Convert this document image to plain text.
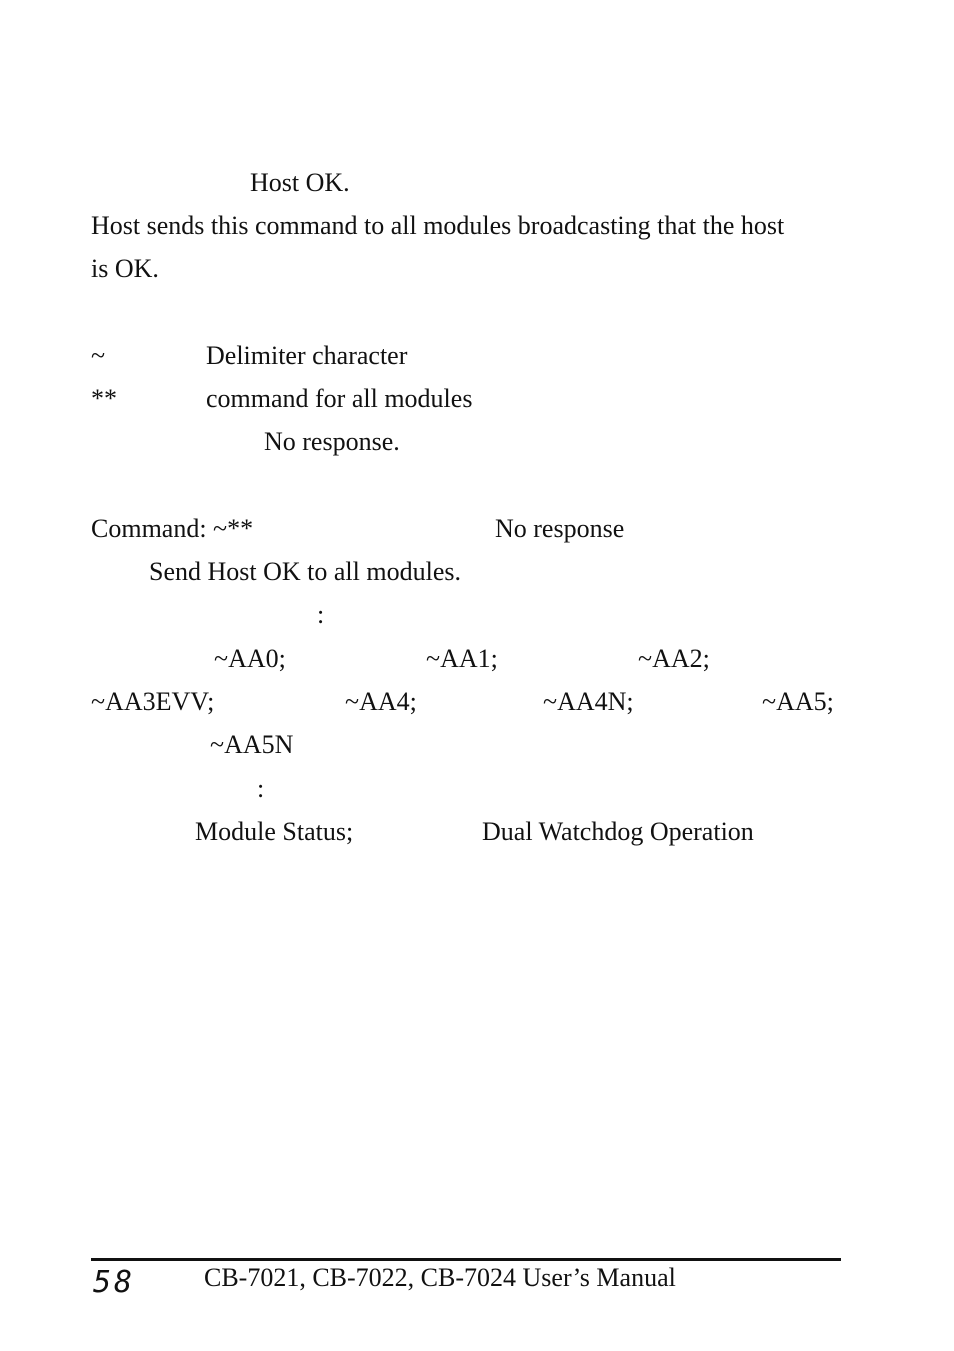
Host OK.
Host sends this command to all modules broadcasting that the host
is OK.
~	Delimiter character
**	command for all modules
No response.
Command: ~**	No response
Send Host OK to all modules.
:
~AA0;	~AA1;	~AA2;
~AA3EVV;	~AA4;	~AA4N;	~AA5;
~AA5N
:
Module Status;	Dual Watchdog Operation
58	CB-7021, CB-7022, CB-7024 User’s Manual
